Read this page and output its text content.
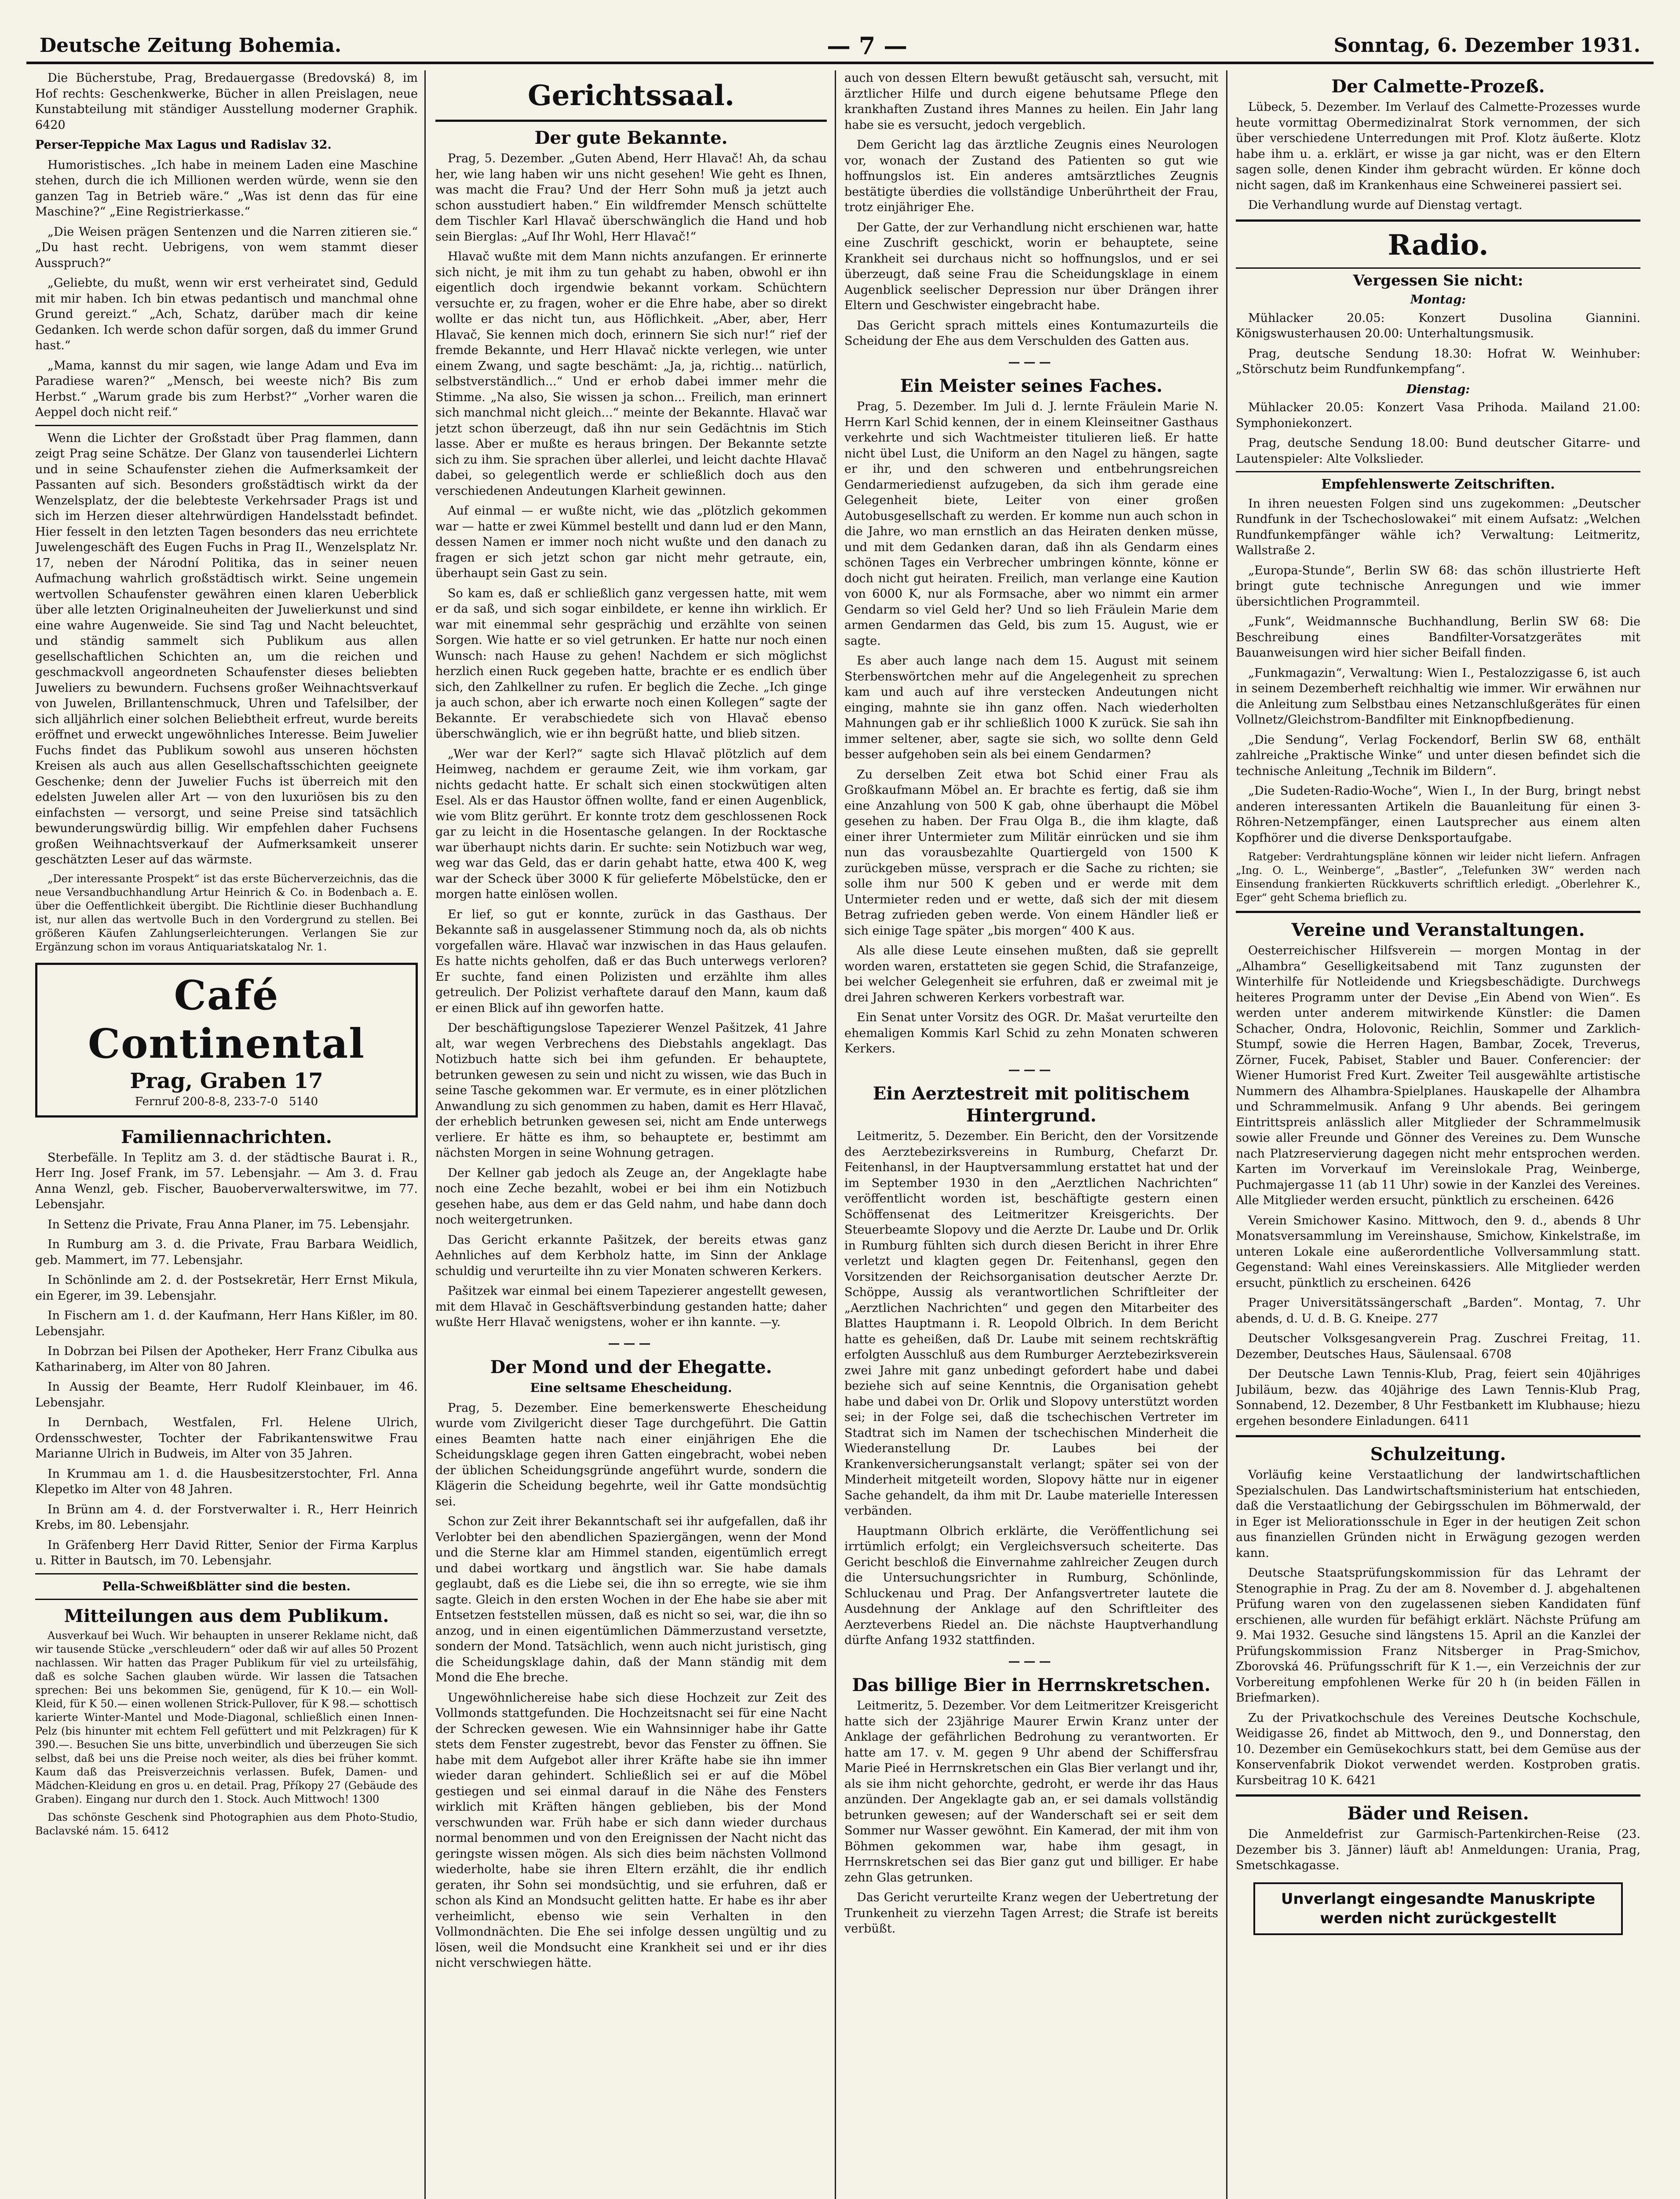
Deutsche Zeitung Bohemia.	— 7 —	Sonntag, 6. Dezember 1931.

Die Bücherstube, Prag, Bredauergasse (Bredovská) 8, im Hof rechts: Geschenkwerke, Bücher in allen Preislagen, neue Kunstabteilung mit ständiger Ausstellung moderner Graphik. 6420

Perser-Teppiche Max Lagus und Radislav 32.

Humoristisches. „Ich habe in meinem Laden eine Maschine stehen, durch die ich Millionen werden würde, wenn sie den ganzen Tag in Betrieb wäre.“ „Was ist denn das für eine Maschine?“ „Eine Registrierkasse.“

„Die Weisen prägen Sentenzen und die Narren zitieren sie.“ „Du hast recht. Uebrigens, von wem stammt dieser Ausspruch?“

„Geliebte, du mußt, wenn wir erst verheiratet sind, Geduld mit mir haben. Ich bin etwas pedantisch und manchmal ohne Grund gereizt.“ „Ach, Schatz, darüber mach dir keine Gedanken. Ich werde schon dafür sorgen, daß du immer Grund hast.“

„Mama, kannst du mir sagen, wie lange Adam und Eva im Paradiese waren?“ „Mensch, bei weeste nich? Bis zum Herbst.“ „Warum grade bis zum Herbst?“ „Vorher waren die Aeppel doch nicht reif.“

Wenn die Lichter der Großstadt über Prag flammen, dann zeigt Prag seine Schätze. Der Glanz von tausenderlei Lichtern und in seine Schaufenster ziehen die Aufmerksamkeit der Passanten auf sich. Besonders großstädtisch wirkt da der Wenzelsplatz, der die belebteste Verkehrsader Prags ist und sich im Herzen dieser altehrwürdigen Handelsstadt befindet. Hier fesselt in den letzten Tagen besonders das neu errichtete Juwelengeschäft des Eugen Fuchs in Prag II., Wenzelsplatz Nr. 17, neben der Národní Politika, das in seiner neuen Aufmachung wahrlich großstädtisch wirkt. Seine ungemein wertvollen Schaufenster gewähren einen klaren Ueberblick über alle letzten Originalneuheiten der Juwelierkunst und sind eine wahre Augenweide. Sie sind Tag und Nacht beleuchtet, und ständig sammelt sich Publikum aus allen gesellschaftlichen Schichten an, um die reichen und geschmackvoll angeordneten Schaufenster dieses beliebten Juweliers zu bewundern. Fuchsens großer Weihnachtsverkauf von Juwelen, Brillantenschmuck, Uhren und Tafelsilber, der sich alljährlich einer solchen Beliebtheit erfreut, wurde bereits eröffnet und erweckt ungewöhnliches Interesse. Beim Juwelier Fuchs findet das Publikum sowohl aus unseren höchsten Kreisen als auch aus allen Gesellschaftsschichten geeignete Geschenke; denn der Juwelier Fuchs ist überreich mit den edelsten Juwelen aller Art — von den luxuriösen bis zu den einfachsten — versorgt, und seine Preise sind tatsächlich bewunderungswürdig billig. Wir empfehlen daher Fuchsens großen Weihnachtsverkauf der Aufmerksamkeit unserer geschätzten Leser auf das wärmste.

„Der interessante Prospekt“ ist das erste Bücherverzeichnis, das die neue Versandbuchhandlung Artur Heinrich & Co. in Bodenbach a. E. über die Oeffentlichkeit übergibt. Die Richtlinie dieser Buchhandlung ist, nur allen das wertvolle Buch in den Vordergrund zu stellen. Bei größeren Käufen Zahlungserleichterungen. Verlangen Sie zur Ergänzung schon im voraus Antiquariatskatalog Nr. 1.

Café Continental
Prag, Graben 17
Fernruf 200-8-8, 233-7-0 5140
Familiennachrichten.

Sterbefälle. In Teplitz am 3. d. der städtische Baurat i. R., Herr Ing. Josef Frank, im 57. Lebensjahr. — Am 3. d. Frau Anna Wenzl, geb. Fischer, Bauoberverwalterswitwe, im 77. Lebensjahr.

In Settenz die Private, Frau Anna Planer, im 75. Lebensjahr.

In Rumburg am 3. d. die Private, Frau Barbara Weidlich, geb. Mammert, im 77. Lebensjahr.

In Schönlinde am 2. d. der Postsekretär, Herr Ernst Mikula, ein Egerer, im 39. Lebensjahr.

In Fischern am 1. d. der Kaufmann, Herr Hans Kißler, im 80. Lebensjahr.

In Dobrzan bei Pilsen der Apotheker, Herr Franz Cibulka aus Katharinaberg, im Alter von 80 Jahren.

In Aussig der Beamte, Herr Rudolf Kleinbauer, im 46. Lebensjahr.

In Dernbach, Westfalen, Frl. Helene Ulrich, Ordensschwester, Tochter der Fabrikantenswitwe Frau Marianne Ulrich in Budweis, im Alter von 35 Jahren.

In Krummau am 1. d. die Hausbesitzerstochter, Frl. Anna Klepetko im Alter von 48 Jahren.

In Brünn am 4. d. der Forstverwalter i. R., Herr Heinrich Krebs, im 80. Lebensjahr.

In Gräfenberg Herr David Ritter, Senior der Firma Karplus u. Ritter in Bautsch, im 70. Lebensjahr.

Pella-Schweißblätter sind die besten.

Mitteilungen aus dem Publikum.

Ausverkauf bei Wuch. Wir behaupten in unserer Reklame nicht, daß wir tausende Stücke „verschleudern“ oder daß wir auf alles 50 Prozent nachlassen. Wir hatten das Prager Publikum für viel zu urteilsfähig, daß es solche Sachen glauben würde. Wir lassen die Tatsachen sprechen: Bei uns bekommen Sie, genügend, für K 10.— ein Woll-Kleid, für K 50.— einen wollenen Strick-Pullover, für K 98.— schottisch karierte Winter-Mantel und Mode-Diagonal, schließlich einen Innen-Pelz (bis hinunter mit echtem Fell gefüttert und mit Pelzkragen) für K 390.—. Besuchen Sie uns bitte, unverbindlich und überzeugen Sie sich selbst, daß bei uns die Preise noch weiter, als dies bei früher kommt. Kaum daß das Preisverzeichnis verlassen. Bufek, Damen- und Mädchen-Kleidung en gros u. en detail. Prag, Příkopy 27 (Gebäude des Graben). Eingang nur durch den 1. Stock. Auch Mittwoch! 1300

Das schönste Geschenk sind Photographien aus dem Photo-Studio, Baclavské nám. 15. 6412

Gerichtssaal.
Der gute Bekannte.

Prag, 5. Dezember. „Guten Abend, Herr Hlavač! Ah, da schau her, wie lang haben wir uns nicht gesehen! Wie geht es Ihnen, was macht die Frau? Und der Herr Sohn muß ja jetzt auch schon ausstudiert haben.“ Ein wildfremder Mensch schüttelte dem Tischler Karl Hlavač überschwänglich die Hand und hob sein Bierglas: „Auf Ihr Wohl, Herr Hlavač!“

Hlavač wußte mit dem Mann nichts anzufangen. Er erinnerte sich nicht, je mit ihm zu tun gehabt zu haben, obwohl er ihn eigentlich doch irgendwie bekannt vorkam. Schüchtern versuchte er, zu fragen, woher er die Ehre habe, aber so direkt wollte er das nicht tun, aus Höflichkeit. „Aber, aber, Herr Hlavač, Sie kennen mich doch, erinnern Sie sich nur!“ rief der fremde Bekannte, und Herr Hlavač nickte verlegen, wie unter einem Zwang, und sagte beschämt: „Ja, ja, richtig... natürlich, selbstverständlich...“ Und er erhob dabei immer mehr die Stimme. „Na also, Sie wissen ja schon... Freilich, man erinnert sich manchmal nicht gleich...“ meinte der Bekannte. Hlavač war jetzt schon überzeugt, daß ihn nur sein Gedächtnis im Stich lasse. Aber er mußte es heraus bringen. Der Bekannte setzte sich zu ihm. Sie sprachen über allerlei, und leicht dachte Hlavač dabei, so gelegentlich werde er schließlich doch aus den verschiedenen Andeutungen Klarheit gewinnen.

Auf einmal — er wußte nicht, wie das „plötzlich gekommen war — hatte er zwei Kümmel bestellt und dann lud er den Mann, dessen Namen er immer noch nicht wußte und den danach zu fragen er sich jetzt schon gar nicht mehr getraute, ein, überhaupt sein Gast zu sein.

So kam es, daß er schließlich ganz vergessen hatte, mit wem er da saß, und sich sogar einbildete, er kenne ihn wirklich. Er war mit einemmal sehr gesprächig und erzählte von seinen Sorgen. Wie hatte er so viel getrunken. Er hatte nur noch einen Wunsch: nach Hause zu gehen! Nachdem er sich möglichst herzlich einen Ruck gegeben hatte, brachte er es endlich über sich, den Zahlkellner zu rufen. Er beglich die Zeche. „Ich ginge ja auch schon, aber ich erwarte noch einen Kollegen“ sagte der Bekannte. Er verabschiedete sich von Hlavač ebenso überschwänglich, wie er ihn begrüßt hatte, und blieb sitzen.

„Wer war der Kerl?“ sagte sich Hlavač plötzlich auf dem Heimweg, nachdem er geraume Zeit, wie ihm vorkam, gar nichts gedacht hatte. Er schalt sich einen stockwütigen alten Esel. Als er das Haustor öffnen wollte, fand er einen Augenblick, wie vom Blitz gerührt. Er konnte trotz dem geschlossenen Rock gar zu leicht in die Hosentasche gelangen. In der Rocktasche war überhaupt nichts darin. Er suchte: sein Notizbuch war weg, weg war das Geld, das er darin gehabt hatte, etwa 400 K, weg war der Scheck über 3000 K für gelieferte Möbelstücke, den er morgen hatte einlösen wollen.

Er lief, so gut er konnte, zurück in das Gasthaus. Der Bekannte saß in ausgelassener Stimmung noch da, als ob nichts vorgefallen wäre. Hlavač war inzwischen in das Haus gelaufen. Es hatte nichts geholfen, daß er das Buch unterwegs verloren? Er suchte, fand einen Polizisten und erzählte ihm alles getreulich. Der Polizist verhaftete darauf den Mann, kaum daß er einen Blick auf ihn geworfen hatte.

Der beschäftigungslose Tapezierer Wenzel Pašitzek, 41 Jahre alt, war wegen Verbrechens des Diebstahls angeklagt. Das Notizbuch hatte sich bei ihm gefunden. Er behauptete, betrunken gewesen zu sein und nicht zu wissen, wie das Buch in seine Tasche gekommen war. Er vermute, es in einer plötzlichen Anwandlung zu sich genommen zu haben, damit es Herr Hlavač, der erheblich betrunken gewesen sei, nicht am Ende unterwegs verliere. Er hätte es ihm, so behauptete er, bestimmt am nächsten Morgen in seine Wohnung getragen.

Der Kellner gab jedoch als Zeuge an, der Angeklagte habe noch eine Zeche bezahlt, wobei er bei ihm ein Notizbuch gesehen habe, aus dem er das Geld nahm, und habe dann doch noch weitergetrunken.

Das Gericht erkannte Pašitzek, der bereits etwas ganz Aehnliches auf dem Kerbholz hatte, im Sinn der Anklage schuldig und verurteilte ihn zu vier Monaten schweren Kerkers.

Pašitzek war einmal bei einem Tapezierer angestellt gewesen, mit dem Hlavač in Geschäftsverbindung gestanden hatte; daher wußte Herr Hlavač wenigstens, woher er ihn kannte. —y.

———
Der Mond und der Ehegatte.
Eine seltsame Ehescheidung.

Prag, 5. Dezember. Eine bemerkenswerte Ehescheidung wurde vom Zivilgericht dieser Tage durchgeführt. Die Gattin eines Beamten hatte nach einer einjährigen Ehe die Scheidungsklage gegen ihren Gatten eingebracht, wobei neben der üblichen Scheidungsgründe angeführt wurde, sondern die Klägerin die Scheidung begehrte, weil ihr Gatte mondsüchtig sei.

Schon zur Zeit ihrer Bekanntschaft sei ihr aufgefallen, daß ihr Verlobter bei den abendlichen Spaziergängen, wenn der Mond und die Sterne klar am Himmel standen, eigentümlich erregt und dabei wortkarg und ängstlich war. Sie habe damals geglaubt, daß es die Liebe sei, die ihn so erregte, wie sie ihm sagte. Gleich in den ersten Wochen in der Ehe habe sie aber mit Entsetzen feststellen müssen, daß es nicht so sei, war, die ihn so anzog, und in einen eigentümlichen Dämmerzustand versetzte, sondern der Mond. Tatsächlich, wenn auch nicht juristisch, ging die Scheidungsklage dahin, daß der Mann ständig mit dem Mond die Ehe breche.

Ungewöhnlichereise habe sich diese Hochzeit zur Zeit des Vollmonds stattgefunden. Die Hochzeitsnacht sei für eine Nacht der Schrecken gewesen. Wie ein Wahnsinniger habe ihr Gatte stets dem Fenster zugestrebt, bevor das Fenster zu öffnen. Sie habe mit dem Aufgebot aller ihrer Kräfte habe sie ihn immer wieder daran gehindert. Schließlich sei er auf die Möbel gestiegen und sei einmal darauf in die Nähe des Fensters wirklich mit Kräften hängen geblieben, bis der Mond verschwunden war. Früh habe er sich dann wieder durchaus normal benommen und von den Ereignissen der Nacht nicht das geringste wissen mögen. Als sich dies beim nächsten Vollmond wiederholte, habe sie ihren Eltern erzählt, die ihr endlich geraten, ihr Sohn sei mondsüchtig, und sie erfuhren, daß er schon als Kind an Mondsucht gelitten hatte. Er habe es ihr aber verheimlicht, ebenso wie sein Verhalten in den Vollmondnächten. Die Ehe sei infolge dessen ungültig und zu lösen, weil die Mondsucht eine Krankheit sei und er ihr dies nicht verschwiegen hätte.

auch von dessen Eltern bewußt getäuscht sah, versucht, mit ärztlicher Hilfe und durch eigene behutsame Pflege den krankhaften Zustand ihres Mannes zu heilen. Ein Jahr lang habe sie es versucht, jedoch vergeblich.

Dem Gericht lag das ärztliche Zeugnis eines Neurologen vor, wonach der Zustand des Patienten so gut wie hoffnungslos ist. Ein anderes amtsärztliches Zeugnis bestätigte überdies die vollständige Unberührtheit der Frau, trotz einjähriger Ehe.

Der Gatte, der zur Verhandlung nicht erschienen war, hatte eine Zuschrift geschickt, worin er behauptete, seine Krankheit sei durchaus nicht so hoffnungslos, und er sei überzeugt, daß seine Frau die Scheidungsklage in einem Augenblick seelischer Depression nur über Drängen ihrer Eltern und Geschwister eingebracht habe.

Das Gericht sprach mittels eines Kontumazurteils die Scheidung der Ehe aus dem Verschulden des Gatten aus.

———
Ein Meister seines Faches.

Prag, 5. Dezember. Im Juli d. J. lernte Fräulein Marie N. Herrn Karl Schid kennen, der in einem Kleinseitner Gasthaus verkehrte und sich Wachtmeister titulieren ließ. Er hatte nicht übel Lust, die Uniform an den Nagel zu hängen, sagte er ihr, und den schweren und entbehrungsreichen Gendarmeriedienst aufzugeben, da sich ihm gerade eine Gelegenheit biete, Leiter von einer großen Autobusgesellschaft zu werden. Er komme nun auch schon in die Jahre, wo man ernstlich an das Heiraten denken müsse, und mit dem Gedanken daran, daß ihn als Gendarm eines schönen Tages ein Verbrecher umbringen könnte, könne er doch nicht gut heiraten. Freilich, man verlange eine Kaution von 6000 K, nur als Formsache, aber wo nimmt ein armer Gendarm so viel Geld her? Und so lieh Fräulein Marie dem armen Gendarmen das Geld, bis zum 15. August, wie er sagte.

Es aber auch lange nach dem 15. August mit seinem Sterbenswörtchen mehr auf die Angelegenheit zu sprechen kam und auch auf ihre verstecken Andeutungen nicht einging, mahnte sie ihn ganz offen. Nach wiederholten Mahnungen gab er ihr schließlich 1000 K zurück. Sie sah ihn immer seltener, aber, sagte sie sich, wo sollte denn Geld besser aufgehoben sein als bei einem Gendarmen?

Zu derselben Zeit etwa bot Schid einer Frau als Großkaufmann Möbel an. Er brachte es fertig, daß sie ihm eine Anzahlung von 500 K gab, ohne überhaupt die Möbel gesehen zu haben. Der Frau Olga B., die ihm klagte, daß einer ihrer Untermieter zum Militär einrücken und sie ihm nun das vorausbezahlte Quartiergeld von 1500 K zurückgeben müsse, versprach er die Sache zu richten; sie solle ihm nur 500 K geben und er werde mit dem Untermieter reden und er wette, daß sich der mit diesem Betrag zufrieden geben werde. Von einem Händler ließ er sich einige Tage später „bis morgen“ 400 K aus.

Als alle diese Leute einsehen mußten, daß sie geprellt worden waren, erstatteten sie gegen Schid, die Strafanzeige, bei welcher Gelegenheit sie erfuhren, daß er zweimal mit je drei Jahren schweren Kerkers vorbestraft war.

Ein Senat unter Vorsitz des OGR. Dr. Mašat verurteilte den ehemaligen Kommis Karl Schid zu zehn Monaten schweren Kerkers.

———
Ein Aerztestreit mit politischem Hintergrund.

Leitmeritz, 5. Dezember. Ein Bericht, den der Vorsitzende des Aerztebezirksvereins in Rumburg, Chefarzt Dr. Feitenhansl, in der Hauptversammlung erstattet hat und der im September 1930 in den „Aerztlichen Nachrichten“ veröffentlicht worden ist, beschäftigte gestern einen Schöffensenat des Leitmeritzer Kreisgerichts. Der Steuerbeamte Slopovy und die Aerzte Dr. Laube und Dr. Orlik in Rumburg fühlten sich durch diesen Bericht in ihrer Ehre verletzt und klagten gegen Dr. Feitenhansl, gegen den Vorsitzenden der Reichsorganisation deutscher Aerzte Dr. Schöppe, Aussig als verantwortlichen Schriftleiter der „Aerztlichen Nachrichten“ und gegen den Mitarbeiter des Blattes Hauptmann i. R. Leopold Olbrich. In dem Bericht hatte es geheißen, daß Dr. Laube mit seinem rechtskräftig erfolgten Ausschluß aus dem Rumburger Aerztebezirksverein zwei Jahre mit ganz unbedingt gefordert habe und dabei beziehe sich auf seine Kenntnis, die Organisation gehebt habe und dabei von Dr. Orlik und Slopovy unterstützt worden sei; in der Folge sei, daß die tschechischen Vertreter im Stadtrat sich im Namen der tschechischen Minderheit die Wiederanstellung Dr. Laubes bei der Krankenversicherungsanstalt verlangt; später sei von der Minderheit mitgeteilt worden, Slopovy hätte nur in eigener Sache gehandelt, da ihm mit Dr. Laube materielle Interessen verbänden.

Hauptmann Olbrich erklärte, die Veröffentlichung sei irrtümlich erfolgt; ein Vergleichsversuch scheiterte. Das Gericht beschloß die Einvernahme zahlreicher Zeugen durch die Untersuchungsrichter in Rumburg, Schönlinde, Schluckenau und Prag. Der Anfangsvertreter lautete die Ausdehnung der Anklage auf den Schriftleiter des Aerzteverbens Riedel an. Die nächste Hauptverhandlung dürfte Anfang 1932 stattfinden.

———
Das billige Bier in Herrnskretschen.

Leitmeritz, 5. Dezember. Vor dem Leitmeritzer Kreisgericht hatte sich der 23jährige Maurer Erwin Kranz unter der Anklage der gefährlichen Bedrohung zu verantworten. Er hatte am 17. v. M. gegen 9 Uhr abend der Schiffersfrau Marie Pieé in Herrnskretschen ein Glas Bier verlangt und ihr, als sie ihm nicht gehorchte, gedroht, er werde ihr das Haus anzünden. Der Angeklagte gab an, er sei damals vollständig betrunken gewesen; auf der Wanderschaft sei er seit dem Sommer nur Wasser gewöhnt. Ein Kamerad, der mit ihm von Böhmen gekommen war, habe ihm gesagt, in Herrnskretschen sei das Bier ganz gut und billiger. Er habe zehn Glas getrunken.

Das Gericht verurteilte Kranz wegen der Uebertretung der Trunkenheit zu vierzehn Tagen Arrest; die Strafe ist bereits verbüßt.

Der Calmette-Prozeß.

Lübeck, 5. Dezember. Im Verlauf des Calmette-Prozesses wurde heute vormittag Obermedizinalrat Stork vernommen, der sich über verschiedene Unterredungen mit Prof. Klotz äußerte. Klotz habe ihm u. a. erklärt, er wisse ja gar nicht, was er den Eltern sagen solle, denen Kinder ihm gebracht würden. Er könne doch nicht sagen, daß im Krankenhaus eine Schweinerei passiert sei.

Die Verhandlung wurde auf Dienstag vertagt.

Radio.
Vergessen Sie nicht:
Montag:

Mühlacker 20.05: Konzert Dusolina Giannini. Königswusterhausen 20.00: Unterhaltungsmusik.

Prag, deutsche Sendung 18.30: Hofrat W. Weinhuber: „Störschutz beim Rundfunkempfang“.

Dienstag:

Mühlacker 20.05: Konzert Vasa Prihoda. Mailand 21.00: Symphoniekonzert.

Prag, deutsche Sendung 18.00: Bund deutscher Gitarre- und Lautenspieler: Alte Volkslieder.

Empfehlenswerte Zeitschriften.

In ihren neuesten Folgen sind uns zugekommen: „Deutscher Rundfunk in der Tschechoslowakei“ mit einem Aufsatz: „Welchen Rundfunkempfänger wähle ich? Verwaltung: Leitmeritz, Wallstraße 2.

„Europa-Stunde“, Berlin SW 68: das schön illustrierte Heft bringt gute technische Anregungen und wie immer übersichtlichen Programmteil.

„Funk“, Weidmannsche Buchhandlung, Berlin SW 68: Die Beschreibung eines Bandfilter-Vorsatzgerätes mit Bauanweisungen wird hier sicher Beifall finden.

„Funkmagazin“, Verwaltung: Wien I., Pestalozzigasse 6, ist auch in seinem Dezemberheft reichhaltig wie immer. Wir erwähnen nur die Anleitung zum Selbstbau eines Netzanschlußgerätes für einen Vollnetz/Gleichstrom-Bandfilter mit Einknopfbedienung.

„Die Sendung“, Verlag Fockendorf, Berlin SW 68, enthält zahlreiche „Praktische Winke“ und unter diesen befindet sich die technische Anleitung „Technik im Bildern“.

„Die Sudeten-Radio-Woche“, Wien I., In der Burg, bringt nebst anderen interessanten Artikeln die Bauanleitung für einen 3-Röhren-Netzempfänger, einen Lautsprecher aus einem alten Kopfhörer und die diverse Denksportaufgabe.

Ratgeber: Verdrahtungspläne können wir leider nicht liefern. Anfragen „Ing. O. L., Weinberge“, „Bastler“, „Telefunken 3W“ werden nach Einsendung frankierten Rückkuverts schriftlich erledigt. „Oberlehrer K., Eger“ geht Schema brieflich zu.

Vereine und Veranstaltungen.

Oesterreichischer Hilfsverein — morgen Montag in der „Alhambra“ Geselligkeitsabend mit Tanz zugunsten der Winterhilfe für Notleidende und Kriegsbeschädigte. Durchwegs heiteres Programm unter der Devise „Ein Abend von Wien“. Es werden unter anderem mitwirkende Künstler: die Damen Schacher, Ondra, Holovonic, Reichlin, Sommer und Zarklich-Stumpf, sowie die Herren Hagen, Bambar, Zocek, Treverus, Zörner, Fucek, Pabiset, Stabler und Bauer. Conferencier: der Wiener Humorist Fred Kurt. Zweiter Teil ausgewählte artistische Nummern des Alhambra-Spielplanes. Hauskapelle der Alhambra und Schrammelmusik. Anfang 9 Uhr abends. Bei geringem Eintrittspreis anlässlich aller Mitglieder der Schrammelmusik sowie aller Freunde und Gönner des Vereines zu. Dem Wunsche nach Platzreservierung dagegen nicht mehr entsprochen werden. Karten im Vorverkauf im Vereinslokale Prag, Weinberge, Puchmajergasse 11 (ab 11 Uhr) sowie in der Kanzlei des Vereines. Alle Mitglieder werden ersucht, pünktlich zu erscheinen. 6426

Verein Smichower Kasino. Mittwoch, den 9. d., abends 8 Uhr Monatsversammlung im Vereinshause, Smichow, Kinkelstraße, im unteren Lokale eine außerordentliche Vollversammlung statt. Gegenstand: Wahl eines Vereinskassiers. Alle Mitglieder werden ersucht, pünktlich zu erscheinen. 6426

Prager Universitätssängerschaft „Barden“. Montag, 7. Uhr abends, d. U. d. B. G. Kneipe. 277

Deutscher Volksgesangverein Prag. Zuschrei Freitag, 11. Dezember, Deutsches Haus, Säulensaal. 6708

Der Deutsche Lawn Tennis-Klub, Prag, feiert sein 40jähriges Jubiläum, bezw. das 40jährige des Lawn Tennis-Klub Prag, Sonnabend, 12. Dezember, 8 Uhr Festbankett im Klubhause; hiezu ergehen besondere Einladungen. 6411

Schulzeitung.

Vorläufig keine Verstaatlichung der landwirtschaftlichen Spezialschulen. Das Landwirtschaftsministerium hat entschieden, daß die Verstaatlichung der Gebirgsschulen im Böhmerwald, der in Eger ist Meliorationsschule in Eger in der heutigen Zeit schon aus finanziellen Gründen nicht in Erwägung gezogen werden kann.

Deutsche Staatsprüfungskommission für das Lehramt der Stenographie in Prag. Zu der am 8. November d. J. abgehaltenen Prüfung waren von den zugelassenen sieben Kandidaten fünf erschienen, alle wurden für befähigt erklärt. Nächste Prüfung am 9. Mai 1932. Gesuche sind längstens 15. April an die Kanzlei der Prüfungskommission Franz Nitsberger in Prag-Smichov, Zborovská 46. Prüfungsschrift für K 1.—, ein Verzeichnis der zur Vorbereitung empfohlenen Werke für 20 h (in beiden Fällen in Briefmarken).

Zu der Privatkochschule des Vereines Deutsche Kochschule, Weidigasse 26, findet ab Mittwoch, den 9., und Donnerstag, den 10. Dezember ein Gemüsekochkurs statt, bei dem Gemüse aus der Konservenfabrik Diokot verwendet werden. Kostproben gratis. Kursbeitrag 10 K. 6421

Bäder und Reisen.

Die Anmeldefrist zur Garmisch-Partenkirchen-Reise (23. Dezember bis 3. Jänner) läuft ab! Anmeldungen: Urania, Prag, Smetschkagasse.

Unverlangt eingesandte Manuskripte werden nicht zurückgestellt
